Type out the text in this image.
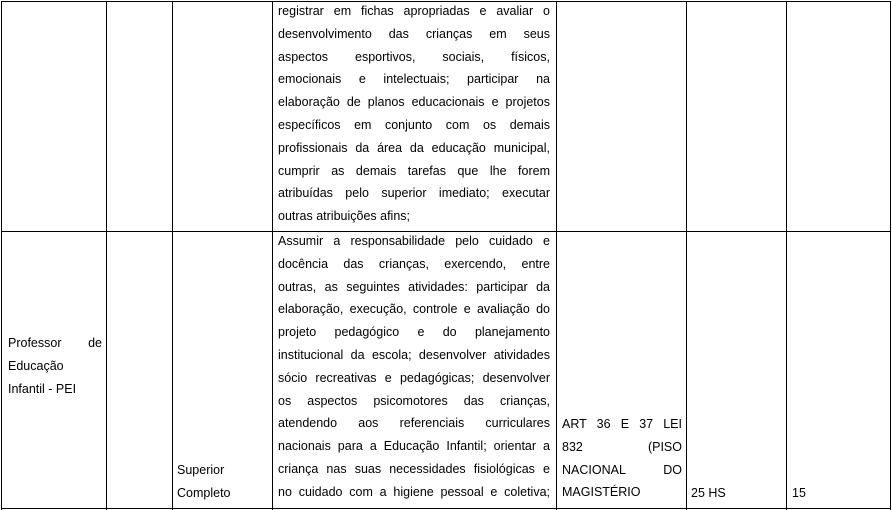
registrar em fichas apropriadas e avaliar o
desenvolvimento das crianças em seus
aspectos esportivos, sociais, físicos,
emocionais e intelectuais; participar na
elaboração de planos educacionais e projetos
específicos em conjunto com os demais
profissionais da área da educação municipal,
cumprir as demais tarefas que lhe forem
atribuídas pelo superior imediato; executar
outras atribuições afins;
Professor de
Educação
Infantil - PEI
Superior
Completo
Assumir a responsabilidade pelo cuidado e
docência das crianças, exercendo, entre
outras, as seguintes atividades: participar da
elaboração, execução, controle e avaliação do
projeto pedagógico e do planejamento
institucional da escola; desenvolver atividades
sócio recreativas e pedagógicas; desenvolver
os aspectos psicomotores das crianças,
atendendo aos referenciais curriculares
nacionais para a Educação Infantil; orientar a
criança nas suas necessidades fisiológicas e
no cuidado com a higiene pessoal e coletiva;
ART 36 E 37 LEI
832 (PISO
NACIONAL DO
MAGISTÉRIO	25 HS	15
